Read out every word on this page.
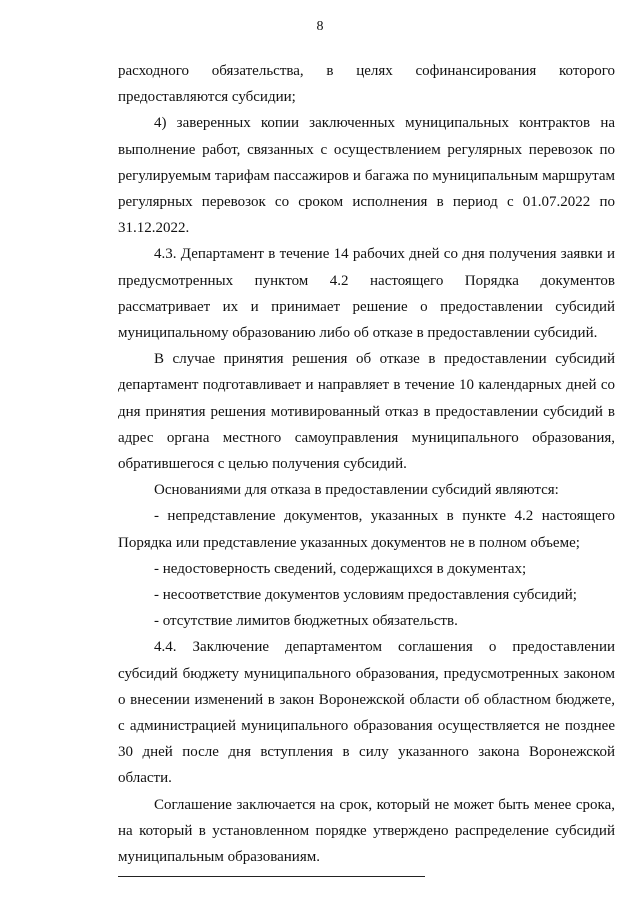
8

расходного обязательства, в целях софинансирования которого предоставляются субсидии;

4) заверенных копии заключенных муниципальных контрактов на выполнение работ, связанных с осуществлением регулярных перевозок по регулируемым тарифам пассажиров и багажа по муниципальным маршрутам регулярных перевозок со сроком исполнения в период с 01.07.2022 по 31.12.2022.

4.3. Департамент в течение 14 рабочих дней со дня получения заявки и предусмотренных пунктом 4.2 настоящего Порядка документов рассматривает их и принимает решение о предоставлении субсидий муниципальному образованию либо об отказе в предоставлении субсидий.

В случае принятия решения об отказе в предоставлении субсидий департамент подготавливает и направляет в течение 10 календарных дней со дня принятия решения мотивированный отказ в предоставлении субсидий в адрес органа местного самоуправления муниципального образования, обратившегося с целью получения субсидий.

Основаниями для отказа в предоставлении субсидий являются:

- непредставление документов, указанных в пункте 4.2 настоящего Порядка или представление указанных документов не в полном объеме;

- недостоверность сведений, содержащихся в документах;

- несоответствие документов условиям предоставления субсидий;

- отсутствие лимитов бюджетных обязательств.

4.4. Заключение департаментом соглашения о предоставлении субсидий бюджету муниципального образования, предусмотренных законом о внесении изменений в закон Воронежской области об областном бюджете, с администрацией муниципального образования осуществляется не позднее 30 дней после дня вступления в силу указанного закона Воронежской области.

Соглашение заключается на срок, который не может быть менее срока, на который в установленном порядке утверждено распределение субсидий муниципальным образованиям.
